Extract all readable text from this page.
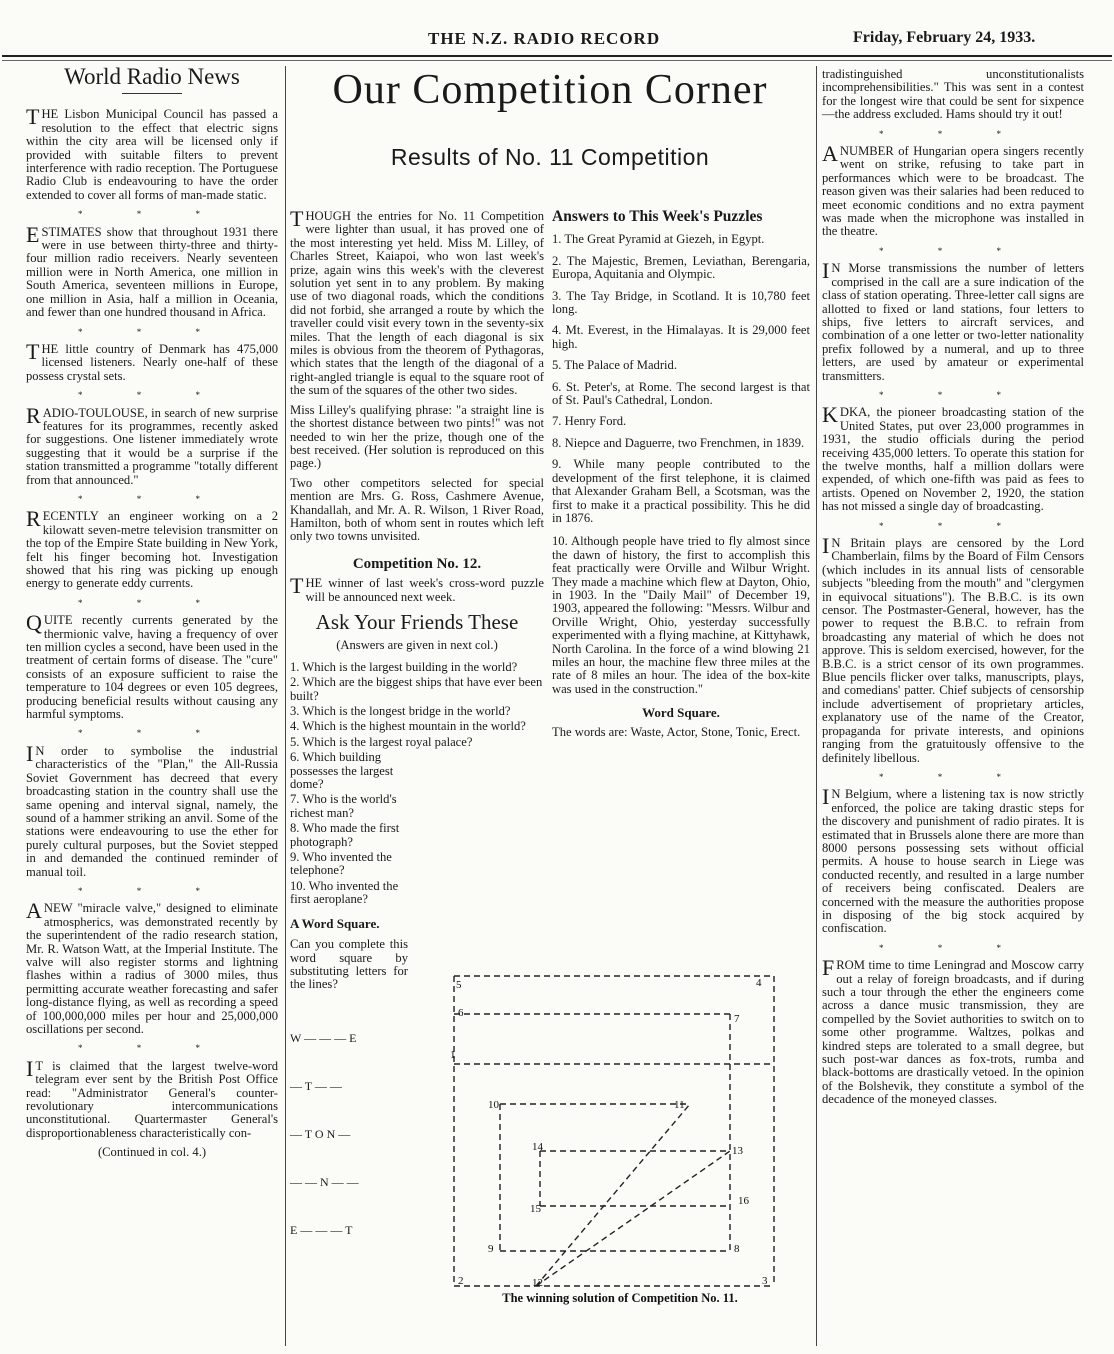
THE N.Z. RADIO RECORD	Friday, February 24, 1933.
World Radio News

THE Lisbon Municipal Council has passed a resolution to the effect that electric signs within the city area will be licensed only if provided with suitable filters to prevent interference with radio reception. The Portuguese Radio Club is endeavouring to have the order extended to cover all forms of man-made static.

* * *

ESTIMATES show that throughout 1931 there were in use between thirty-three and thirty-four million radio receivers. Nearly seventeen million were in North America, one million in South America, seventeen millions in Europe, one million in Asia, half a million in Oceania, and fewer than one hundred thousand in Africa.

* * *

THE little country of Denmark has 475,000 licensed listeners. Nearly one-half of these possess crystal sets.

* * *

RADIO-TOULOUSE, in search of new surprise features for its programmes, recently asked for suggestions. One listener immediately wrote suggesting that it would be a surprise if the station transmitted a programme "totally different from that announced."

* * *

RECENTLY an engineer working on a 2 kilowatt seven-metre television transmitter on the top of the Empire State building in New York, felt his finger becoming hot. Investigation showed that his ring was picking up enough energy to generate eddy currents.

* * *

QUITE recently currents generated by the thermionic valve, having a frequency of over ten million cycles a second, have been used in the treatment of certain forms of disease. The "cure" consists of an exposure sufficient to raise the temperature to 104 degrees or even 105 degrees, producing beneficial results without causing any harmful symptoms.

* * *

IN order to symbolise the industrial characteristics of the "Plan," the All-Russia Soviet Government has decreed that every broadcasting station in the country shall use the same opening and interval signal, namely, the sound of a hammer striking an anvil. Some of the stations were endeavouring to use the ether for purely cultural purposes, but the Soviet stepped in and demanded the continued reminder of manual toil.

* * *

ANEW "miracle valve," designed to eliminate atmospherics, was demonstrated recently by the superintendent of the radio research station, Mr. R. Watson Watt, at the Imperial Institute. The valve will also register storms and lightning flashes within a radius of 3000 miles, thus permitting accurate weather forecasting and safer long-distance flying, as well as recording a speed of 100,000,000 miles per hour and 25,000,000 oscillations per second.

* * *

IT is claimed that the largest twelve-word telegram ever sent by the British Post Office read: "Administrator General's counter-revolutionary intercommunications unconstitutional. Quartermaster General's disproportionableness characteristically con-

(Continued in col. 4.)
Our Competition Corner
Results of No. 11 Competition

THOUGH the entries for No. 11 Competition were lighter than usual, it has proved one of the most interesting yet held. Miss M. Lilley, of Charles Street, Kaiapoi, who won last week's prize, again wins this week's with the cleverest solution yet sent in to any problem. By making use of two diagonal roads, which the conditions did not forbid, she arranged a route by which the traveller could visit every town in the seventy-six miles. That the length of each diagonal is six miles is obvious from the theorem of Pythagoras, which states that the length of the diagonal of a right-angled triangle is equal to the square root of the sum of the squares of the other two sides.

Miss Lilley's qualifying phrase: "a straight line is the shortest distance between two pints!" was not needed to win her the prize, though one of the best received. (Her solution is reproduced on this page.)

Two other competitors selected for special mention are Mrs. G. Ross, Cashmere Avenue, Khandallah, and Mr. A. R. Wilson, 1 River Road, Hamilton, both of whom sent in routes which left only two towns unvisited.

Competition No. 12.

THE winner of last week's cross-word puzzle will be announced next week.

Ask Your Friends These
(Answers are given in next col.)

1. Which is the largest building in the world?

2. Which are the biggest ships that have ever been built?

3. Which is the longest bridge in the world?

4. Which is the highest mountain in the world?

5. Which is the largest royal palace?

6. Which building possesses the largest dome?

7. Who is the world's richest man?

8. Who made the first photograph?

9. Who invented the telephone?

10. Who invented the first aeroplane?

A Word Square.

Can you complete this word square by substituting letters for the lines?

W — — — E

— T — —

— T O N —

— — N — —

E — — — T

Answers to This Week's Puzzles

1. The Great Pyramid at Giezeh, in Egypt.

2. The Majestic, Bremen, Leviathan, Berengaria, Europa, Aquitania and Olympic.

3. The Tay Bridge, in Scotland. It is 10,780 feet long.

4. Mt. Everest, in the Himalayas. It is 29,000 feet high.

5. The Palace of Madrid.

6. St. Peter's, at Rome. The second largest is that of St. Paul's Cathedral, London.

7. Henry Ford.

8. Niepce and Daguerre, two Frenchmen, in 1839.

9. While many people contributed to the development of the first telephone, it is claimed that Alexander Graham Bell, a Scotsman, was the first to make it a practical possibility. This he did in 1876.

10. Although people have tried to fly almost since the dawn of history, the first to accomplish this feat practically were Orville and Wilbur Wright. They made a machine which flew at Dayton, Ohio, in 1903. In the "Daily Mail" of December 19, 1903, appeared the following: "Messrs. Wilbur and Orville Wright, Ohio, yesterday successfully experimented with a flying machine, at Kittyhawk, North Carolina. In the force of a wind blowing 21 miles an hour, the machine flew three miles at the rate of 8 miles an hour. The idea of the box-kite was used in the construction."

Word Square.

The words are: Waste, Actor, Stone, Tonic, Erect.

1
2	3
4
5
6	7
8
9
10	11
12
13
14
15
16
The winning solution of Competition No. 11.

tradistinguished unconstitutionalists incomprehensibilities." This was sent in a contest for the longest wire that could be sent for sixpence—the address excluded. Hams should try it out!

* * *

ANUMBER of Hungarian opera singers recently went on strike, refusing to take part in performances which were to be broadcast. The reason given was their salaries had been reduced to meet economic conditions and no extra payment was made when the microphone was installed in the theatre.

* * *

IN Morse transmissions the number of letters comprised in the call are a sure indication of the class of station operating. Three-letter call signs are allotted to fixed or land stations, four letters to ships, five letters to aircraft services, and combination of a one letter or two-letter nationality prefix followed by a numeral, and up to three letters, are used by amateur or experimental transmitters.

* * *

KDKA, the pioneer broadcasting station of the United States, put over 23,000 programmes in 1931, the studio officials during the period receiving 435,000 letters. To operate this station for the twelve months, half a million dollars were expended, of which one-fifth was paid as fees to artists. Opened on November 2, 1920, the station has not missed a single day of broadcasting.

* * *

IN Britain plays are censored by the Lord Chamberlain, films by the Board of Film Censors (which includes in its annual lists of censorable subjects "bleeding from the mouth" and "clergymen in equivocal situations"). The B.B.C. is its own censor. The Postmaster-General, however, has the power to request the B.B.C. to refrain from broadcasting any material of which he does not approve. This is seldom exercised, however, for the B.B.C. is a strict censor of its own programmes. Blue pencils flicker over talks, manuscripts, plays, and comedians' patter. Chief subjects of censorship include advertisement of proprietary articles, explanatory use of the name of the Creator, propaganda for private interests, and opinions ranging from the gratuitously offensive to the definitely libellous.

* * *

IN Belgium, where a listening tax is now strictly enforced, the police are taking drastic steps for the discovery and punishment of radio pirates. It is estimated that in Brussels alone there are more than 8000 persons possessing sets without official permits. A house to house search in Liege was conducted recently, and resulted in a large number of receivers being confiscated. Dealers are concerned with the measure the authorities propose in disposing of the big stock acquired by confiscation.

* * *

FROM time to time Leningrad and Moscow carry out a relay of foreign broadcasts, and if during such a tour through the ether the engineers come across a dance music transmission, they are compelled by the Soviet authorities to switch on to some other programme. Waltzes, polkas and kindred steps are tolerated to a small degree, but such post-war dances as fox-trots, rumba and black-bottoms are drastically vetoed. In the opinion of the Bolshevik, they constitute a symbol of the decadence of the moneyed classes.
